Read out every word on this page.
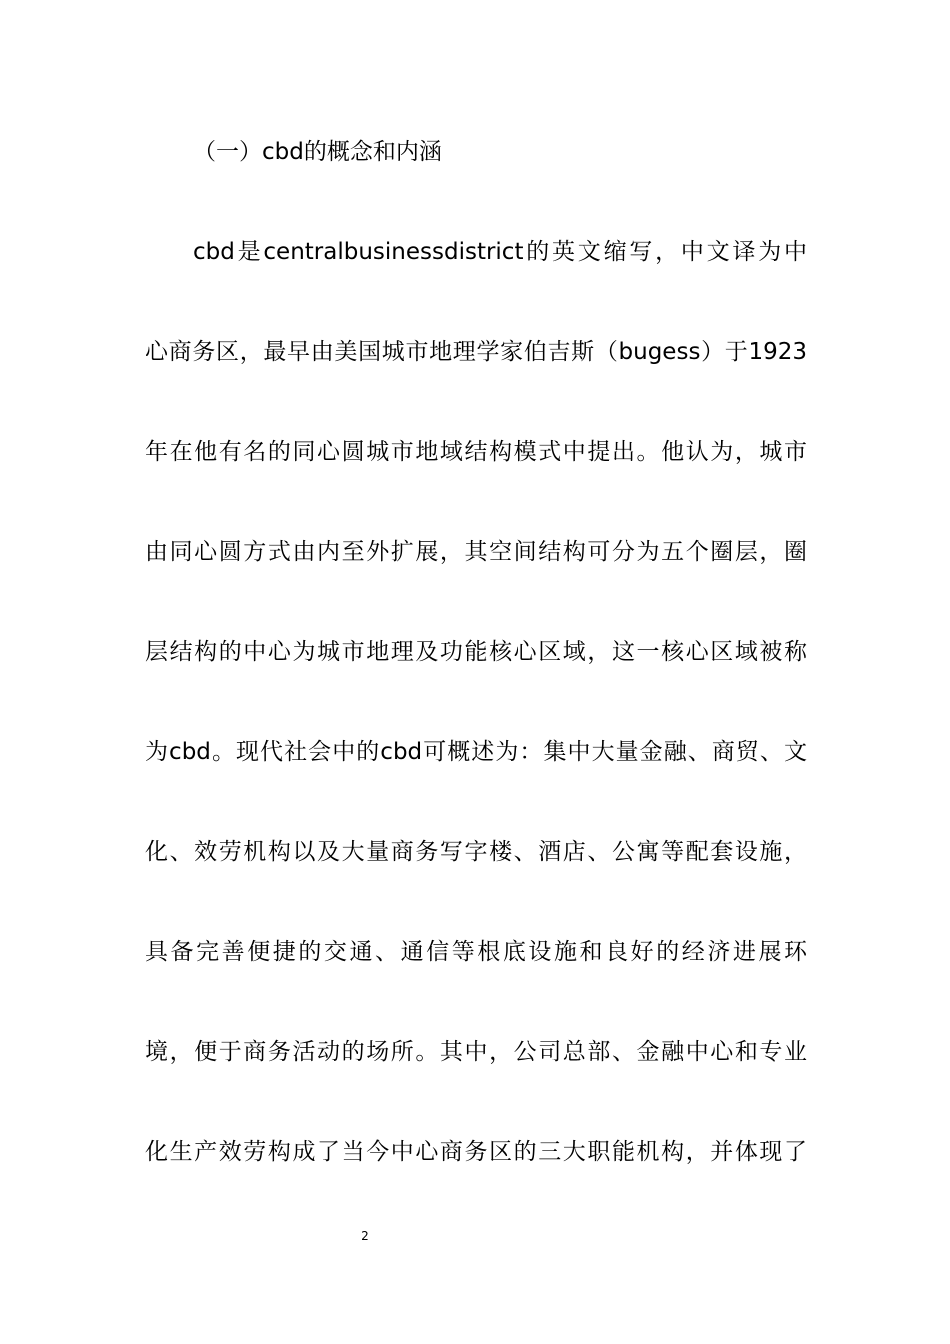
（一）cbd的概念和内涵
cbd是centralbusinessdistrict的英文缩写，中文译为中
心商务区，最早由美国城市地理学家伯吉斯（bugess）于1923
年在他有名的同心圆城市地域结构模式中提出。他认为，城市
由同心圆方式由内至外扩展，其空间结构可分为五个圈层，圈
层结构的中心为城市地理及功能核心区域，这一核心区域被称
为cbd。现代社会中的cbd可概述为：集中大量金融、商贸、文
化、效劳机构以及大量商务写字楼、酒店、公寓等配套设施，
具备完善便捷的交通、通信等根底设施和良好的经济进展环
境，便于商务活动的场所。其中，公司总部、金融中心和专业
化生产效劳构成了当今中心商务区的三大职能机构，并体现了
2
